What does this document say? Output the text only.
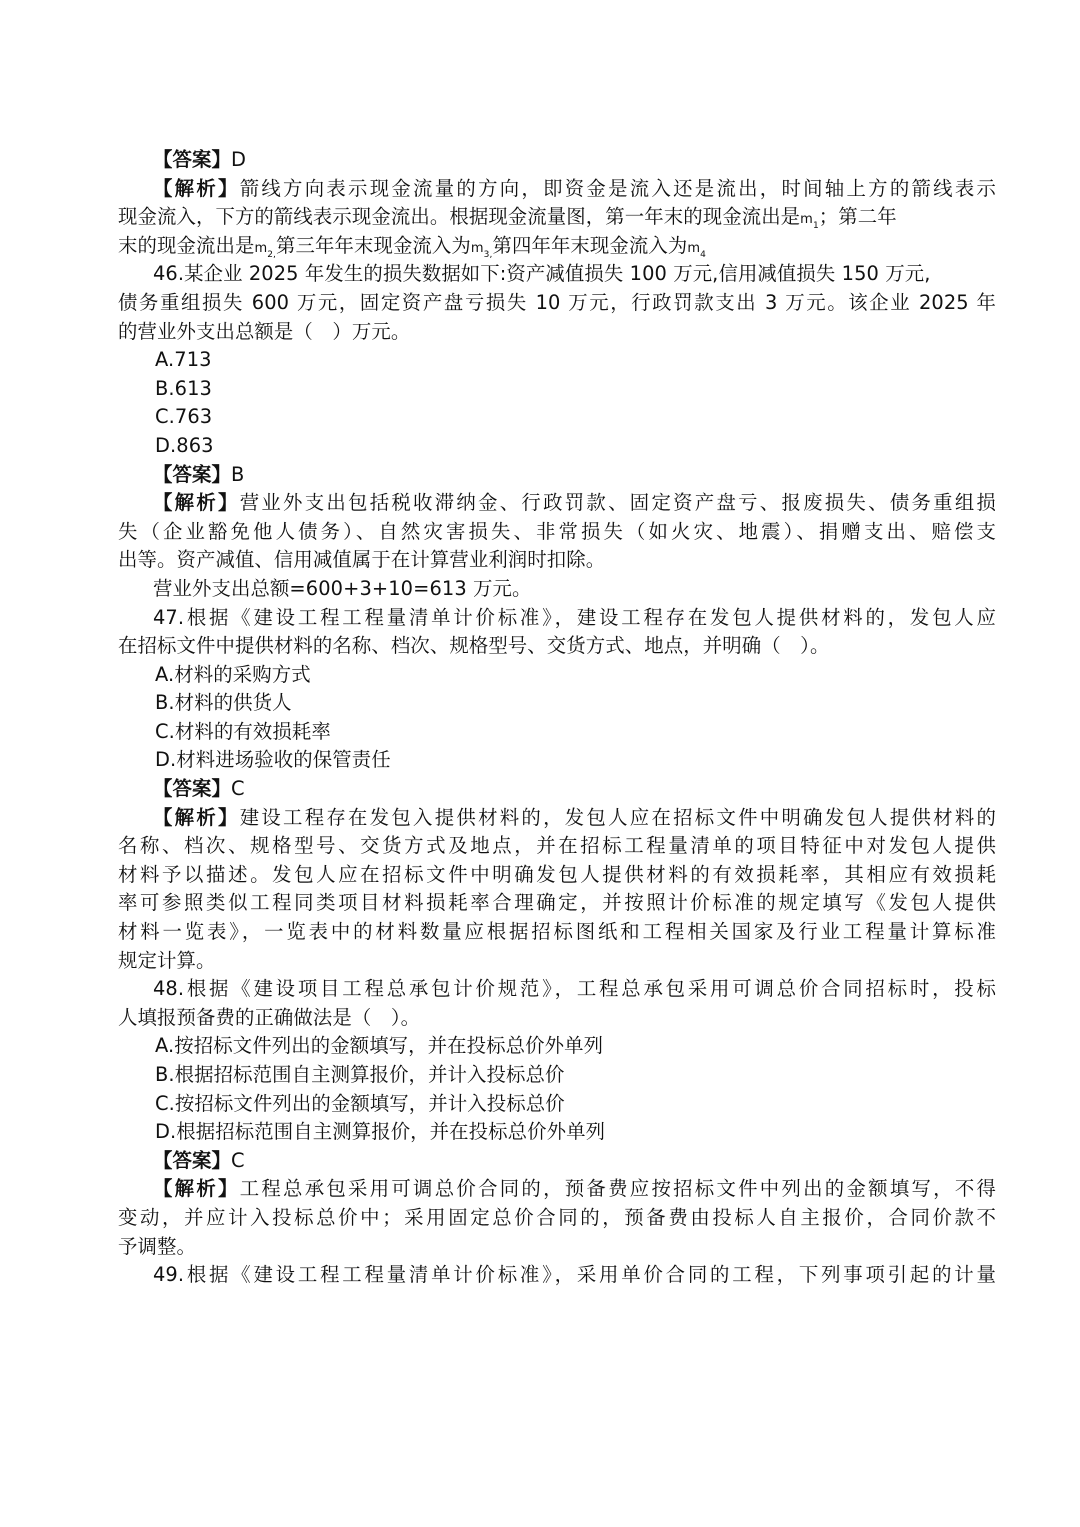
【答案】D
【解析】箭线方向表示现金流量的方向，即资金是流入还是流出，时间轴上方的箭线表示
现金流入，下方的箭线表示现金流出。根据现金流量图，第一年末的现金流出是$m_1$；第二年
末的现金流出是$m_{2,}$第三年年末现金流入为$m_{3,}$第四年年末现金流入为$m_4$
46.某企业 2025 年发生的损失数据如下:资产减值损失 100 万元,信用减值损失 150 万元,
债务重组损失 600 万元，固定资产盘亏损失 10 万元，行政罚款支出 3 万元。该企业 2025 年
的营业外支出总额是（　）万元。
A.713
B.613
C.763
D.863
【答案】B
【解析】营业外支出包括税收滞纳金、行政罚款、固定资产盘亏、报废损失、债务重组损
失（企业豁免他人债务）、自然灾害损失、非常损失（如火灾、地震）、捐赠支出、赔偿支
出等。资产减值、信用减值属于在计算营业利润时扣除。
营业外支出总额=600+3+10=613 万元。
47.根据《建设工程工程量清单计价标准》，建设工程存在发包人提供材料的，发包人应
在招标文件中提供材料的名称、档次、规格型号、交货方式、地点，并明确（　）。
A.材料的采购方式
B.材料的供货人
C.材料的有效损耗率
D.材料进场验收的保管责任
【答案】C
【解析】建设工程存在发包入提供材料的，发包人应在招标文件中明确发包人提供材料的
名称、档次、规格型号、交货方式及地点，并在招标工程量清单的项目特征中对发包人提供
材料予以描述。发包人应在招标文件中明确发包人提供材料的有效损耗率，其相应有效损耗
率可参照类似工程同类项目材料损耗率合理确定，并按照计价标准的规定填写《发包人提供
材料一览表》，一览表中的材料数量应根据招标图纸和工程相关国家及行业工程量计算标准
规定计算。
48.根据《建设项目工程总承包计价规范》，工程总承包采用可调总价合同招标时，投标
人填报预备费的正确做法是（　）。
A.按招标文件列出的金额填写，并在投标总价外单列
B.根据招标范围自主测算报价，并计入投标总价
C.按招标文件列出的金额填写，并计入投标总价
D.根据招标范围自主测算报价，并在投标总价外单列
【答案】C
【解析】工程总承包采用可调总价合同的，预备费应按招标文件中列出的金额填写，不得
变动，并应计入投标总价中；采用固定总价合同的，预备费由投标人自主报价，合同价款不
予调整。
49.根据《建设工程工程量清单计价标准》，采用单价合同的工程，下列事项引起的计量
